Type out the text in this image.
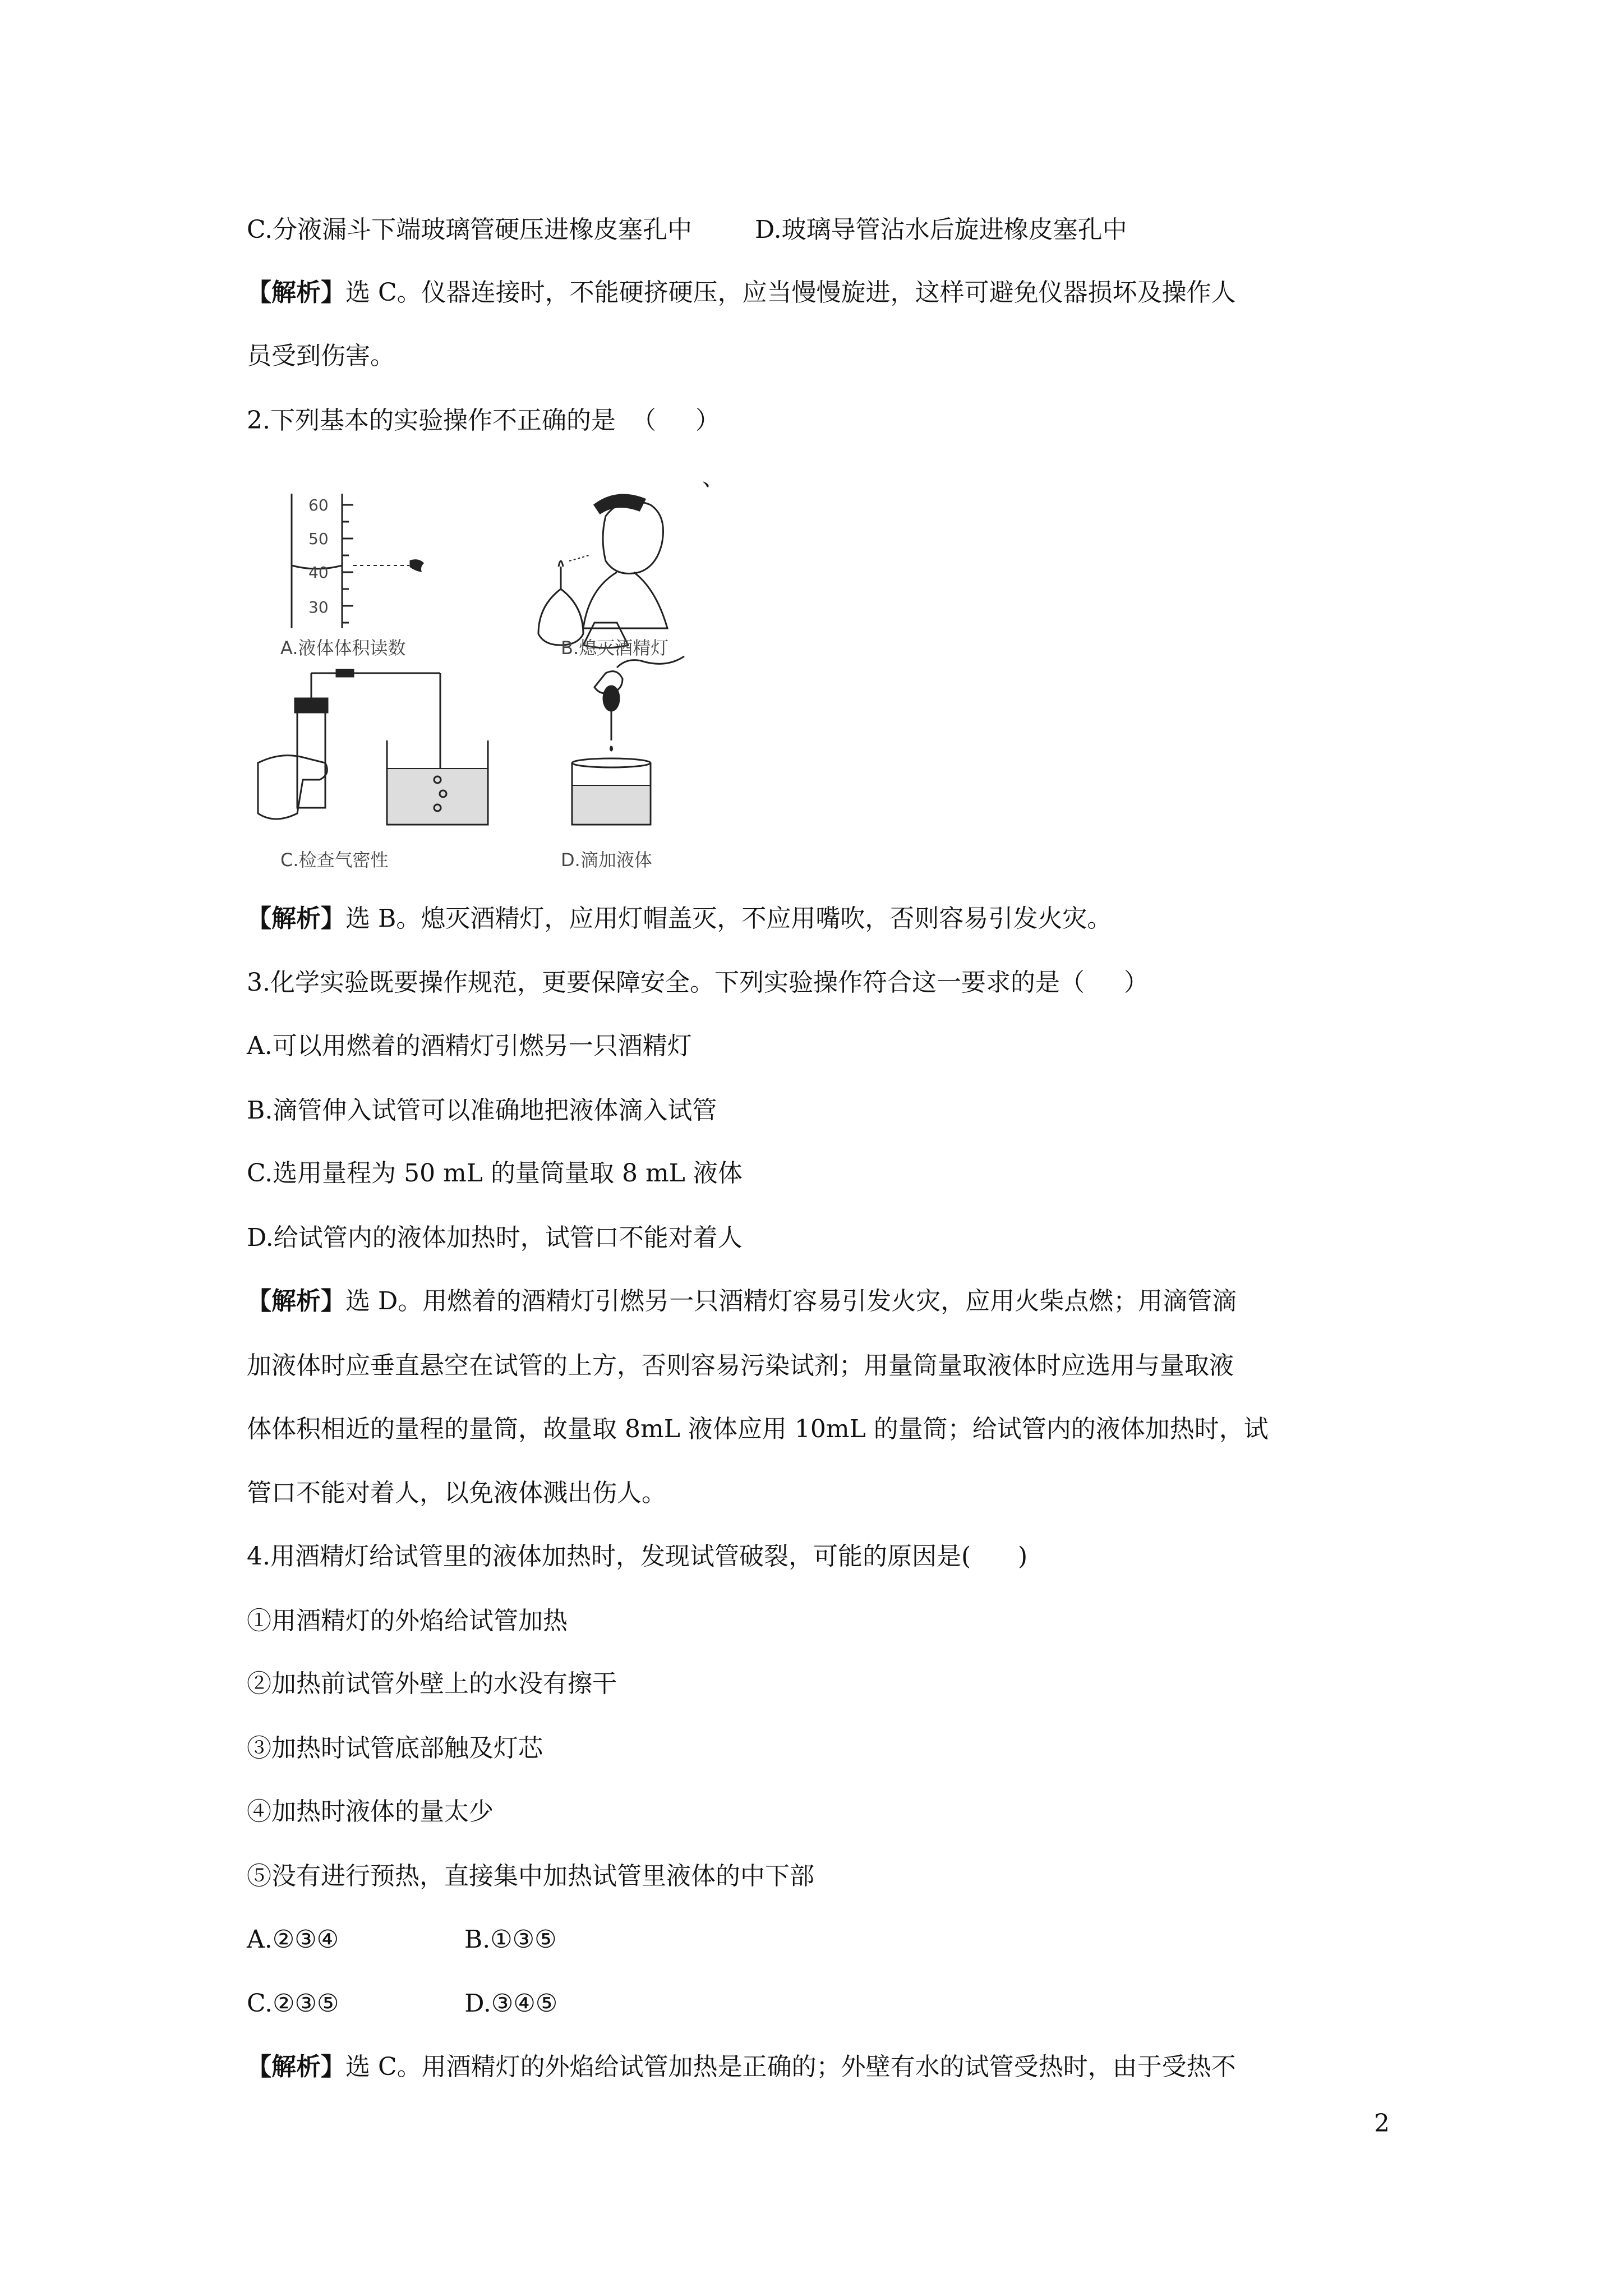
C.分液漏斗下端玻璃管硬压进橡皮塞孔中        D.玻璃导管沾水后旋进橡皮塞孔中
【解析】选 C。仪器连接时，不能硬挤硬压，应当慢慢旋进，这样可避免仪器损坏及操作人
员受到伤害。
2.下列基本的实验操作不正确的是  （     ）
、
60
50
40
30
A.液体体积读数	B.熄灭酒精灯
C.检查气密性	D.滴加液体
【解析】选 B。熄灭酒精灯，应用灯帽盖灭，不应用嘴吹，否则容易引发火灾。
3.化学实验既要操作规范，更要保障安全。下列实验操作符合这一要求的是（     ）
A.可以用燃着的酒精灯引燃另一只酒精灯
B.滴管伸入试管可以准确地把液体滴入试管
C.选用量程为 50 mL 的量筒量取 8 mL 液体
D.给试管内的液体加热时，试管口不能对着人
【解析】选 D。用燃着的酒精灯引燃另一只酒精灯容易引发火灾，应用火柴点燃；用滴管滴
加液体时应垂直悬空在试管的上方，否则容易污染试剂；用量筒量取液体时应选用与量取液
体体积相近的量程的量筒，故量取 8mL 液体应用 10mL 的量筒；给试管内的液体加热时，试
管口不能对着人，以免液体溅出伤人。
4.用酒精灯给试管里的液体加热时，发现试管破裂，可能的原因是(      )
①用酒精灯的外焰给试管加热
②加热前试管外壁上的水没有擦干
③加热时试管底部触及灯芯
④加热时液体的量太少
⑤没有进行预热，直接集中加热试管里液体的中下部
A.②③④                B.①③⑤
C.②③⑤                D.③④⑤
【解析】选 C。用酒精灯的外焰给试管加热是正确的；外壁有水的试管受热时，由于受热不
2
